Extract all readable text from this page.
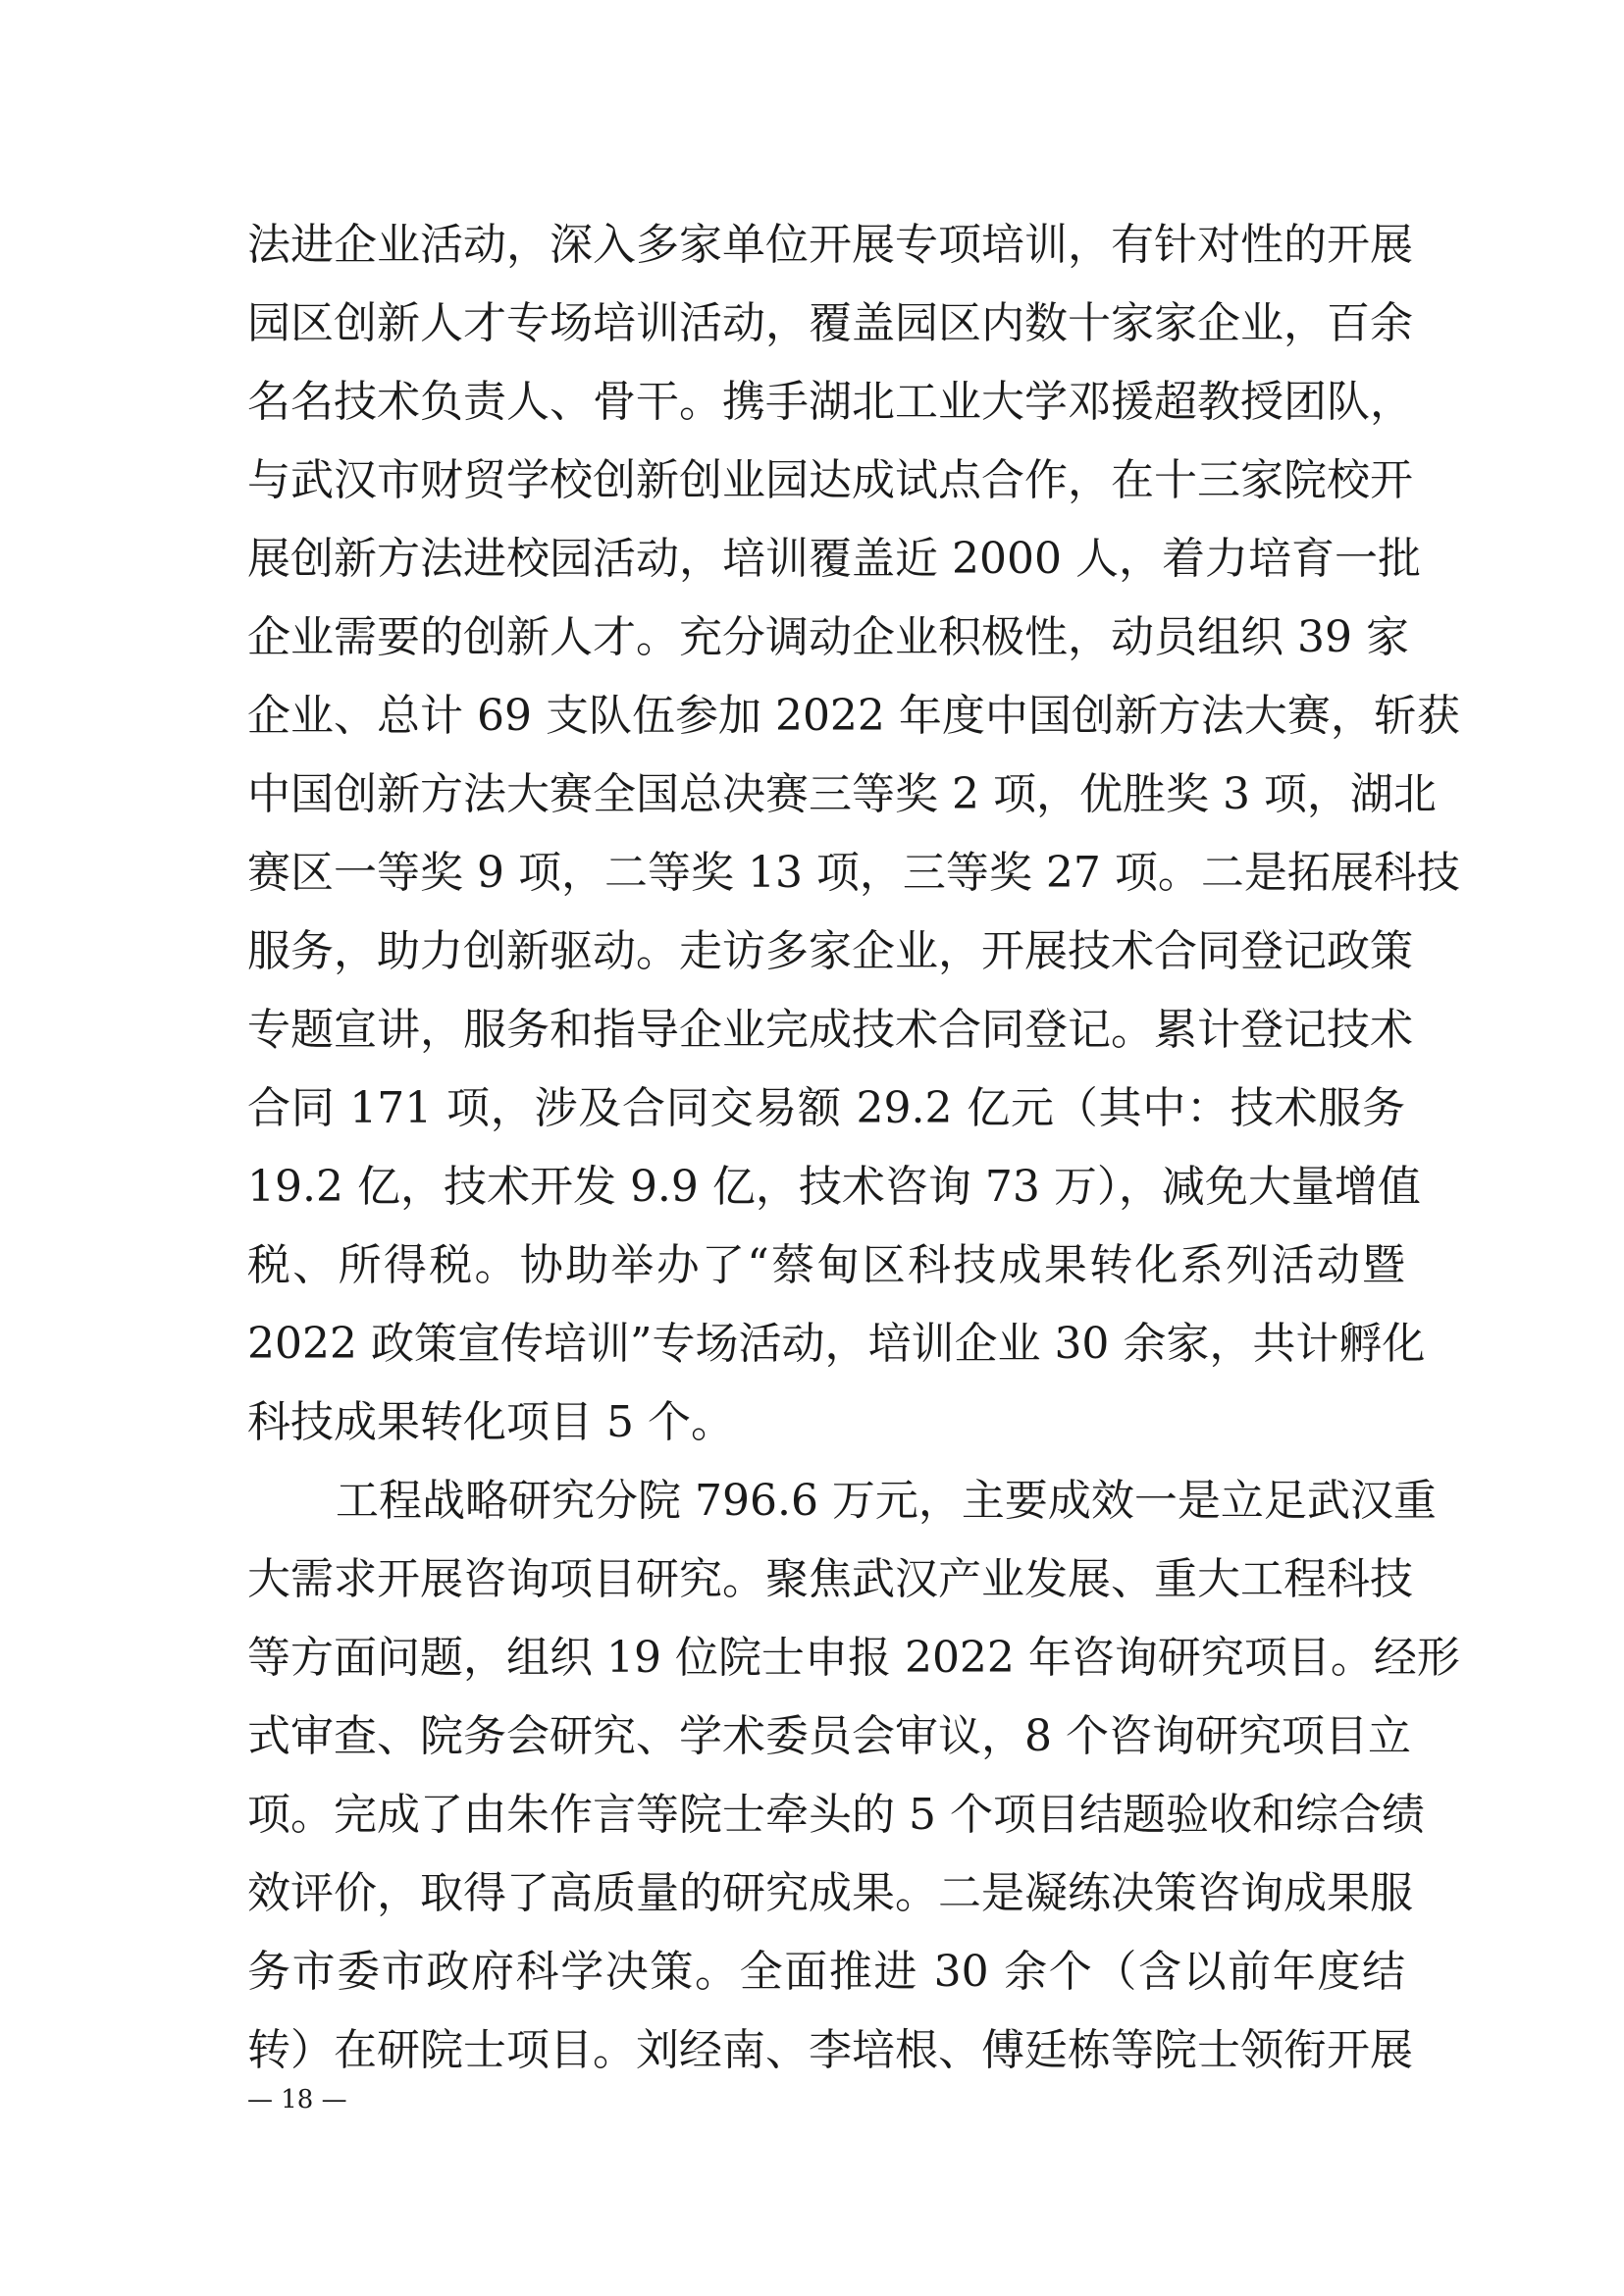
法进企业活动，深入多家单位开展专项培训，有针对性的开展
园区创新人才专场培训活动，覆盖园区内数十家家企业，百余
名名技术负责人、骨干。携手湖北工业大学邓援超教授团队，
与武汉市财贸学校创新创业园达成试点合作，在十三家院校开
展创新方法进校园活动，培训覆盖近 2000 人，着力培育一批
企业需要的创新人才。充分调动企业积极性，动员组织 39 家
企业、总计 69 支队伍参加 2022 年度中国创新方法大赛，斩获
中国创新方法大赛全国总决赛三等奖 2 项，优胜奖 3 项，湖北
赛区一等奖 9 项，二等奖 13 项，三等奖 27 项。二是拓展科技
服务，助力创新驱动。走访多家企业，开展技术合同登记政策
专题宣讲，服务和指导企业完成技术合同登记。累计登记技术
合同 171 项，涉及合同交易额 29.2 亿元（其中：技术服务
19.2 亿，技术开发 9.9 亿，技术咨询 73 万），减免大量增值
税、所得税。协助举办了“蔡甸区科技成果转化系列活动暨
2022 政策宣传培训”专场活动，培训企业 30 余家，共计孵化
科技成果转化项目 5 个。
工程战略研究分院 796.6 万元，主要成效一是立足武汉重
大需求开展咨询项目研究。聚焦武汉产业发展、重大工程科技
等方面问题，组织 19 位院士申报 2022 年咨询研究项目。经形
式审查、院务会研究、学术委员会审议，8 个咨询研究项目立
项。完成了由朱作言等院士牵头的 5 个项目结题验收和综合绩
效评价，取得了高质量的研究成果。二是凝练决策咨询成果服
务市委市政府科学决策。全面推进 30 余个（含以前年度结
转）在研院士项目。刘经南、李培根、傅廷栋等院士领衔开展
— 18 —
